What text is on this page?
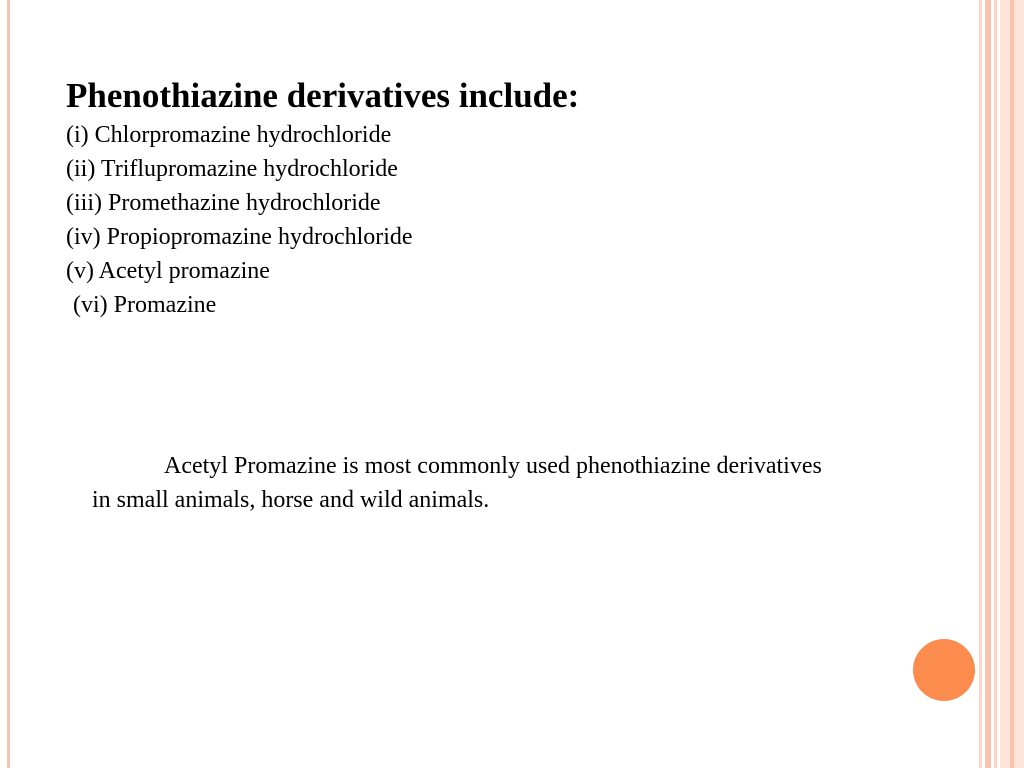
Phenothiazine derivatives include:
(i) Chlorpromazine hydrochloride
(ii) Triflupromazine hydrochloride
(iii) Promethazine hydrochloride
(iv) Propiopromazine hydrochloride
(v) Acetyl promazine
(vi) Promazine
Acetyl Promazine is most commonly used phenothiazine derivatives
in small animals, horse and wild animals.
